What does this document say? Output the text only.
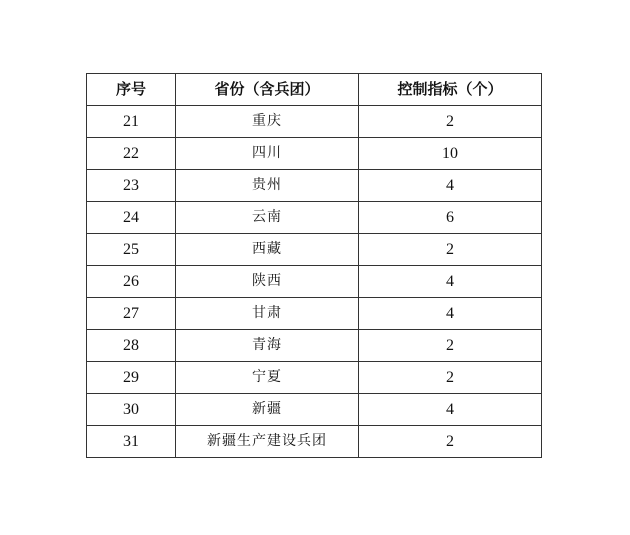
序号	省份（含兵团）	控制指标（个）
21	重庆	2
22	四川	10
23	贵州	4
24	云南	6
25	西藏	2
26	陕西	4
27	甘肃	4
28	青海	2
29	宁夏	2
30	新疆	4
31	新疆生产建设兵团	2
